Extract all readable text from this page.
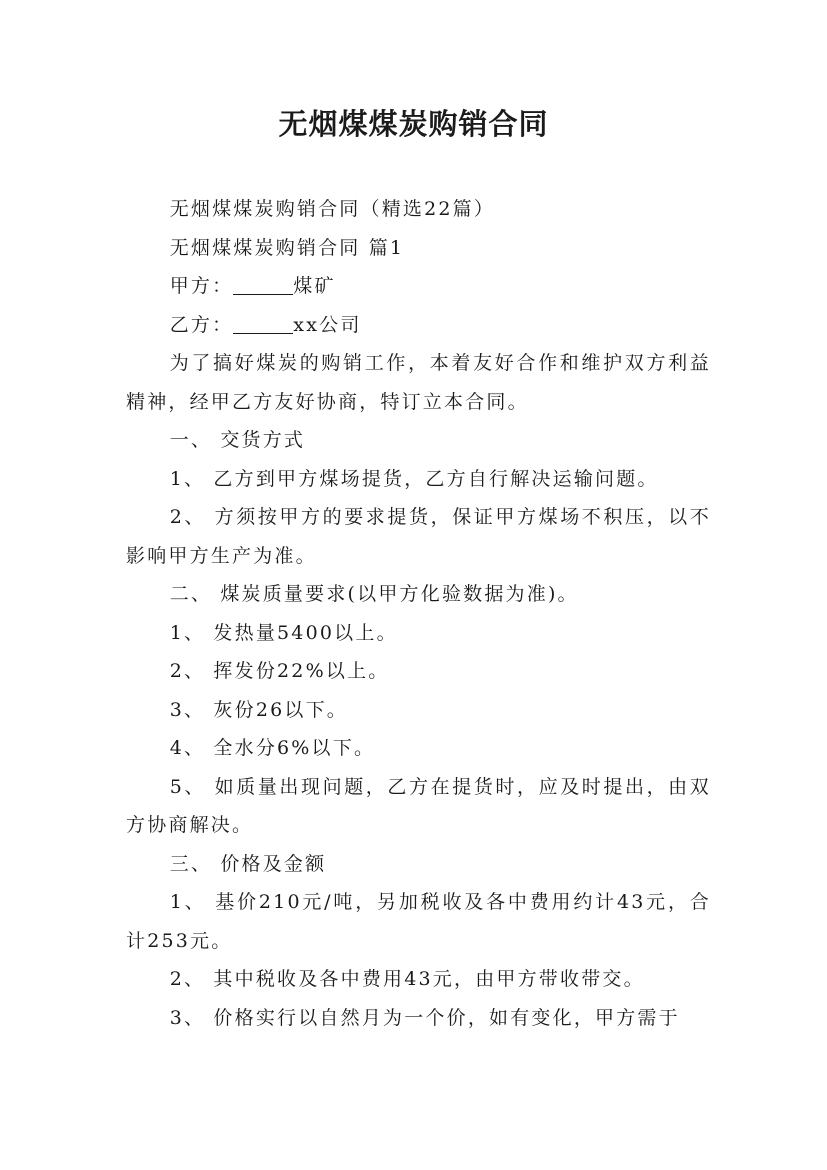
无烟煤煤炭购销合同

无烟煤煤炭购销合同（精选22篇）

无烟煤煤炭购销合同 篇1

甲方：	煤矿

乙方：	xx公司

为了搞好煤炭的购销工作，本着友好合作和维护双方利益精神，经甲乙方友好协商，特订立本合同。

一、 交货方式

1、 乙方到甲方煤场提货，乙方自行解决运输问题。

2、 方须按甲方的要求提货，保证甲方煤场不积压，以不影响甲方生产为准。

二、 煤炭质量要求(以甲方化验数据为准)。

1、 发热量5400以上。

2、 挥发份22%以上。

3、 灰份26以下。

4、 全水分6%以下。

5、 如质量出现问题，乙方在提货时，应及时提出，由双方协商解决。

三、 价格及金额

1、 基价210元/吨，另加税收及各中费用约计43元，合计253元。

2、 其中税收及各中费用43元，由甲方带收带交。

3、 价格实行以自然月为一个价，如有变化，甲方需于
